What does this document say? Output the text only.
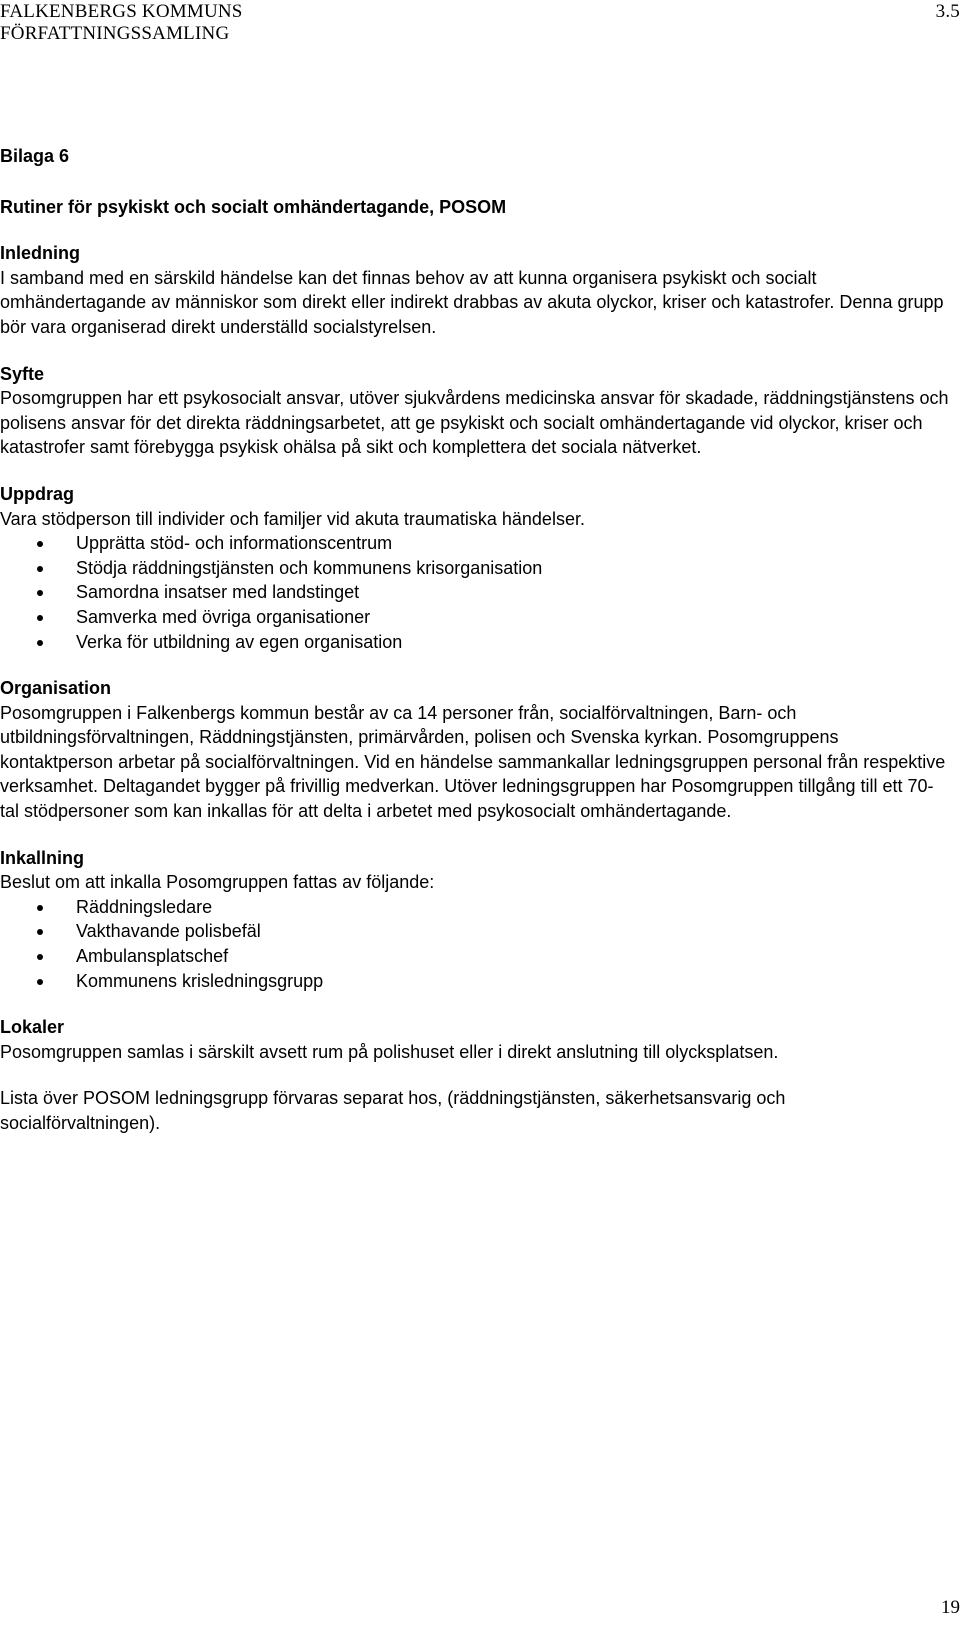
FALKENBERGS KOMMUNS	3.5
FÖRFATTNINGSSAMLING

Bilaga 6

Rutiner för psykiskt och socialt omhändertagande, POSOM

Inledning

I samband med en särskild händelse kan det finnas behov av att kunna organisera psykiskt och socialt omhändertagande av människor som direkt eller indirekt drabbas av akuta olyckor, kriser och katastrofer. Denna grupp bör vara organiserad direkt underställd socialstyrelsen.

Syfte

Posomgruppen har ett psykosocialt ansvar, utöver sjukvårdens medicinska ansvar för skadade, räddningstjänstens och polisens ansvar för det direkta räddningsarbetet, att ge psykiskt och socialt omhändertagande vid olyckor, kriser och katastrofer samt förebygga psykisk ohälsa på sikt och komplettera det sociala nätverket.

Uppdrag

Vara stödperson till individer och familjer vid akuta traumatiska händelser.

Upprätta stöd- och informationscentrum
Stödja räddningstjänsten och kommunens krisorganisation
Samordna insatser med landstinget
Samverka med övriga organisationer
Verka för utbildning av egen organisation

Organisation

Posomgruppen i Falkenbergs kommun består av ca 14 personer från, socialförvaltningen, Barn- och utbildningsförvaltningen, Räddningstjänsten, primärvården, polisen och Svenska kyrkan. Posomgruppens kontaktperson arbetar på socialförvaltningen. Vid en händelse sammankallar ledningsgruppen personal från respektive verksamhet. Deltagandet bygger på frivillig medverkan. Utöver ledningsgruppen har Posomgruppen tillgång till ett 70-tal stödpersoner som kan inkallas för att delta i arbetet med psykosocialt omhändertagande.

Inkallning

Beslut om att inkalla Posomgruppen fattas av följande:

Räddningsledare
Vakthavande polisbefäl
Ambulansplatschef
Kommunens krisledningsgrupp

Lokaler

Posomgruppen samlas i särskilt avsett rum på polishuset eller i direkt anslutning till olycksplatsen.

Lista över POSOM ledningsgrupp förvaras separat hos, (räddningstjänsten, säkerhetsansvarig och socialförvaltningen).

19
